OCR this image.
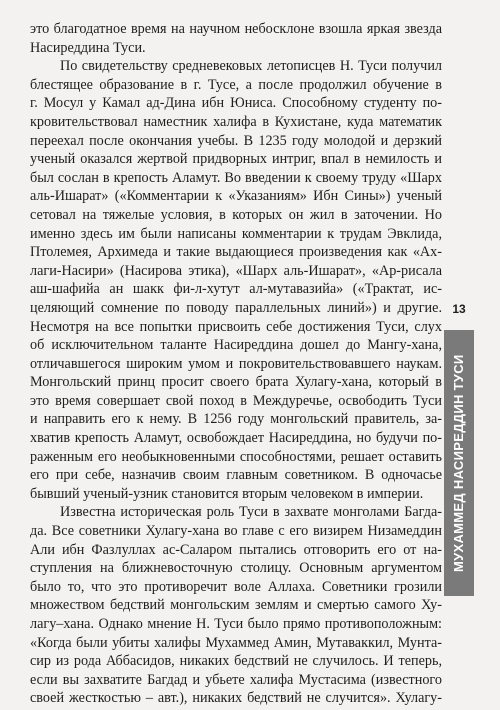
это благодатное время на научном небосклоне взошла яркая звезда
Насиреддина Туси.

По свидетельству средневековых летописцев Н. Туси получил
блестящее образование в г. Тусе, а после продолжил обучение в
г. Мосул у Камал ад-Дина ибн Юниса. Способному студенту по-
кровительствовал наместник халифа в Кухистане, куда математик
переехал после окончания учебы. В 1235 году молодой и дерзкий
ученый оказался жертвой придворных интриг, впал в немилость и
был сослан в крепость Аламут. Во введении к своему труду «Шарх
аль-Ишарат» («Комментарии к «Указаниям» Ибн Сины») ученый
сетовал на тяжелые условия, в которых он жил в заточении. Но
именно здесь им были написаны комментарии к трудам Эвклида,
Птолемея, Архимеда и такие выдающиеся произведения как «Ах-
лаги-Насири» (Насирова этика), «Шарх аль-Ишарат», «Ар-рисала
аш-шафийа ан шакк фи-л-хутут ал-мутавазийа» («Трактат, ис-
целяющий сомнение по поводу параллельных линий») и другие.
Несмотря на все попытки присвоить себе достижения Туси, слух
об исключительном таланте Насиреддина дошел до Мангу-хана,
отличавшегося широким умом и покровительствовавшего наукам.
Монгольский принц просит своего брата Хулагу-хана, который в
это время совершает свой поход в Междуречье, освободить Туси
и направить его к нему. В 1256 году монгольский правитель, за-
хватив крепость Аламут, освобождает Насиреддина, но будучи по-
раженным его необыкновенными способностями, решает оставить
его при себе, назначив своим главным советником. В одночасье
бывший ученый-узник становится вторым человеком в империи.

Известна историческая роль Туси в захвате монголами Багда-
да. Все советники Хулагу-хана во главе с его визирем Низамеддин
Али ибн Фазлуллах ас-Саларом пытались отговорить его от на-
ступления на ближневосточную столицу. Основным аргументом
было то, что это противоречит воле Аллаха. Советники грозили
множеством бедствий монгольским землям и смертью самого Ху-
лагу–хана. Однако мнение Н. Туси было прямо противоположным:
«Когда были убиты халифы Мухаммед Амин, Мутаваккил, Мунта-
сир из рода Аббасидов, никаких бедствий не случилось. И теперь,
если вы захватите Багдад и убьете халифа Мустасима (известного
своей жесткостью – авт.), никаких бедствий не случится». Хулагу-

13
МУХАММЕД НАСИРЕДДИН ТУСИ
